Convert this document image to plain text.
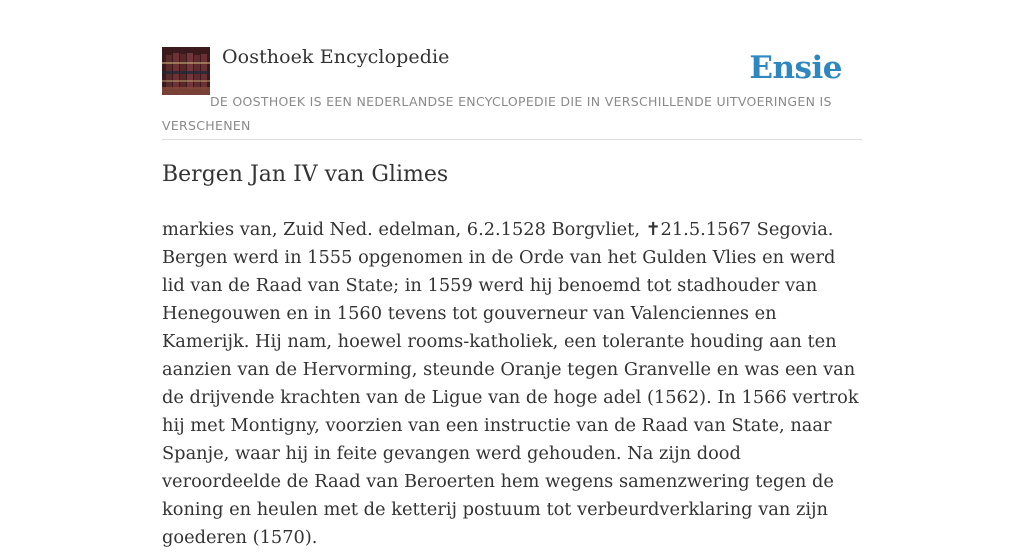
Oosthoek Encyclopedie	Ensie
DE OOSTHOEK IS EEN NEDERLANDSE ENCYCLOPEDIE DIE IN VERSCHILLENDE UITVOERINGEN IS VERSCHENEN
Bergen Jan IV van Glimes

markies van, Zuid Ned. edelman, 6.2.1528 Borgvliet, ✝21.5.1567 Segovia. Bergen werd in 1555 opgenomen in de Orde van het Gulden Vlies en werd lid van de Raad van State; in 1559 werd hij benoemd tot stadhouder van Henegouwen en in 1560 tevens tot gouverneur van Valenciennes en Kamerijk. Hij nam, hoewel rooms-katholiek, een tolerante houding aan ten aanzien van de Hervorming, steunde Oranje tegen Granvelle en was een van de drijvende krachten van de Ligue van de hoge adel (1562). In 1566 vertrok hij met Montigny, voorzien van een instructie van de Raad van State, naar Spanje, waar hij in feite gevangen werd gehouden. Na zijn dood veroordeelde de Raad van Beroerten hem wegens samenzwering tegen de koning en heulen met de ketterij postuum tot verbeurdverklaring van zijn goederen (1570).
